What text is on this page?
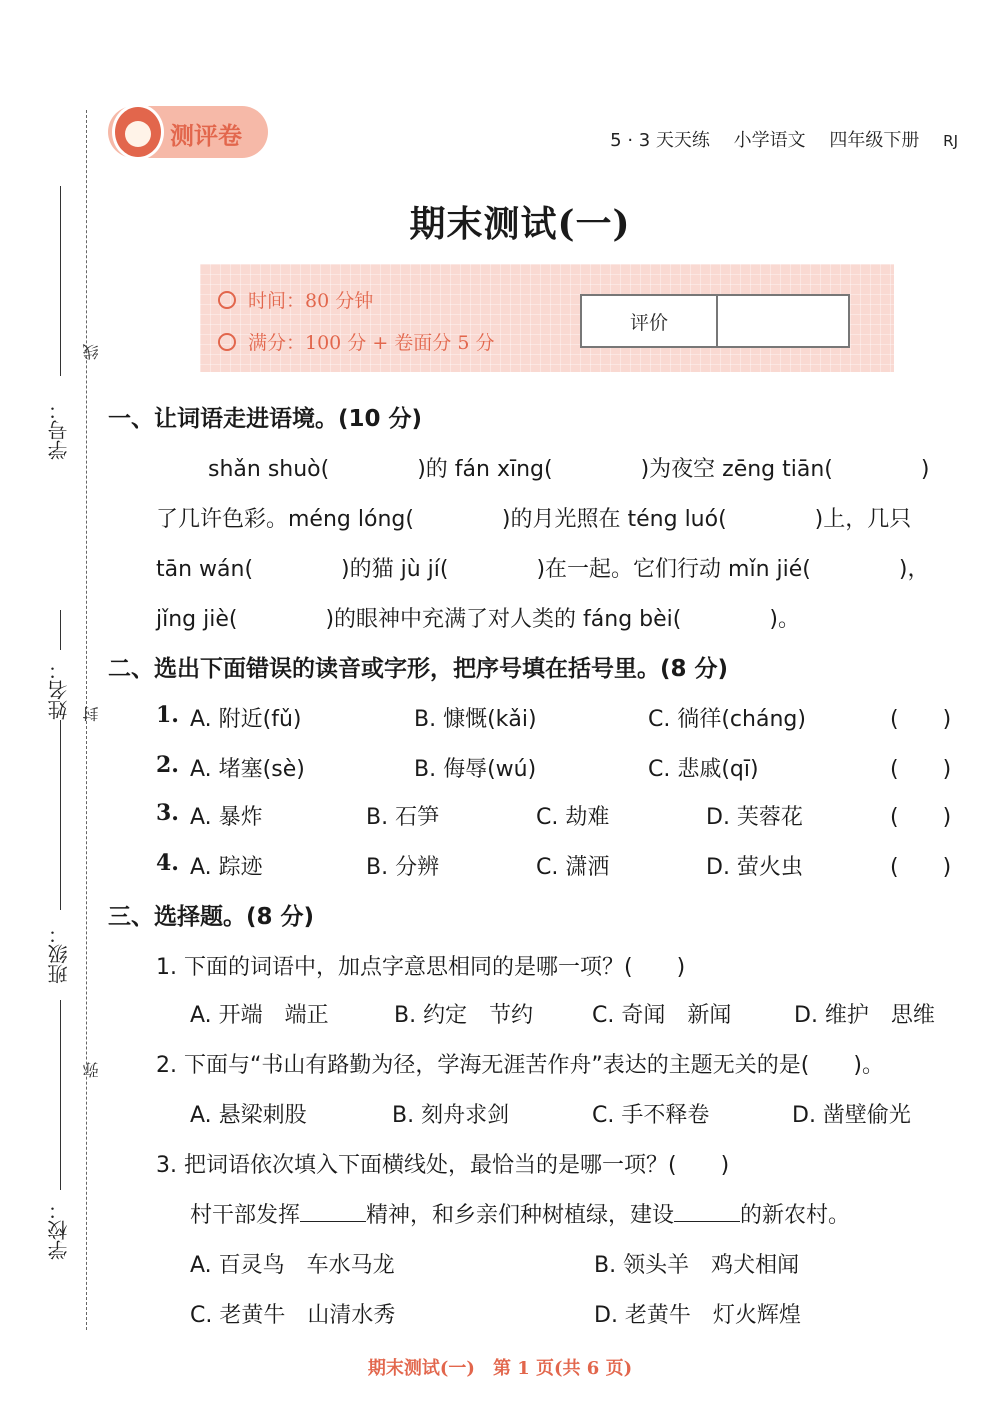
学号：
姓名：
班级：
学校：
线
封
弥
测评卷	5 · 3 天天练 小学语文 四年级下册 RJ
期末测试(一)
时间：80 分钟
满分：100 分 + 卷面分 5 分
评价
一、让词语走进语境。(10 分)
shǎn shuò(　　　　)的 fán xīng(　　　　)为夜空 zēng tiān(　　　　)
了几许色彩。méng lóng(　　　　)的月光照在 téng luó(　　　　)上，几只
tān wán(　　　　)的猫 jù jí(　　　　)在一起。它们行动 mǐn jié(　　　　)，
jǐng jiè(　　　　)的眼神中充满了对人类的 fáng bèi(　　　　)。
二、选出下面错误的读音或字形，把序号填在括号里。(8 分)
1. A. 附近(fǔ)	B. 慷慨(kǎi)	C. 徜徉(cháng)	(　　)
2. A. 堵塞(sè)	B. 侮辱(wú)	C. 悲戚(qī)	(　　)
3. A. 暴炸	B. 石笋	C. 劫难	D. 芙蓉花	(　　)
4. A. 踪迹	B. 分辨	C. 潇洒	D. 萤火虫	(　　)
三、选择题。(8 分)
1. 下面的词语中，加点字意思相同的是哪一项？(　　)
A. 开端　端正	B. 约定　节约	C. 奇闻　新闻	D. 维护　思维
2. 下面与“书山有路勤为径，学海无涯苦作舟”表达的主题无关的是(　　)。
A. 悬梁刺股	B. 刻舟求剑	C. 手不释卷	D. 凿壁偷光
3. 把词语依次填入下面横线处，最恰当的是哪一项？(　　)
村干部发挥	精神，和乡亲们种树植绿，建设	的新农村。
A. 百灵鸟　车水马龙	B. 领头羊　鸡犬相闻
C. 老黄牛　山清水秀	D. 老黄牛　灯火辉煌
期末测试(一)　第 1 页(共 6 页)
